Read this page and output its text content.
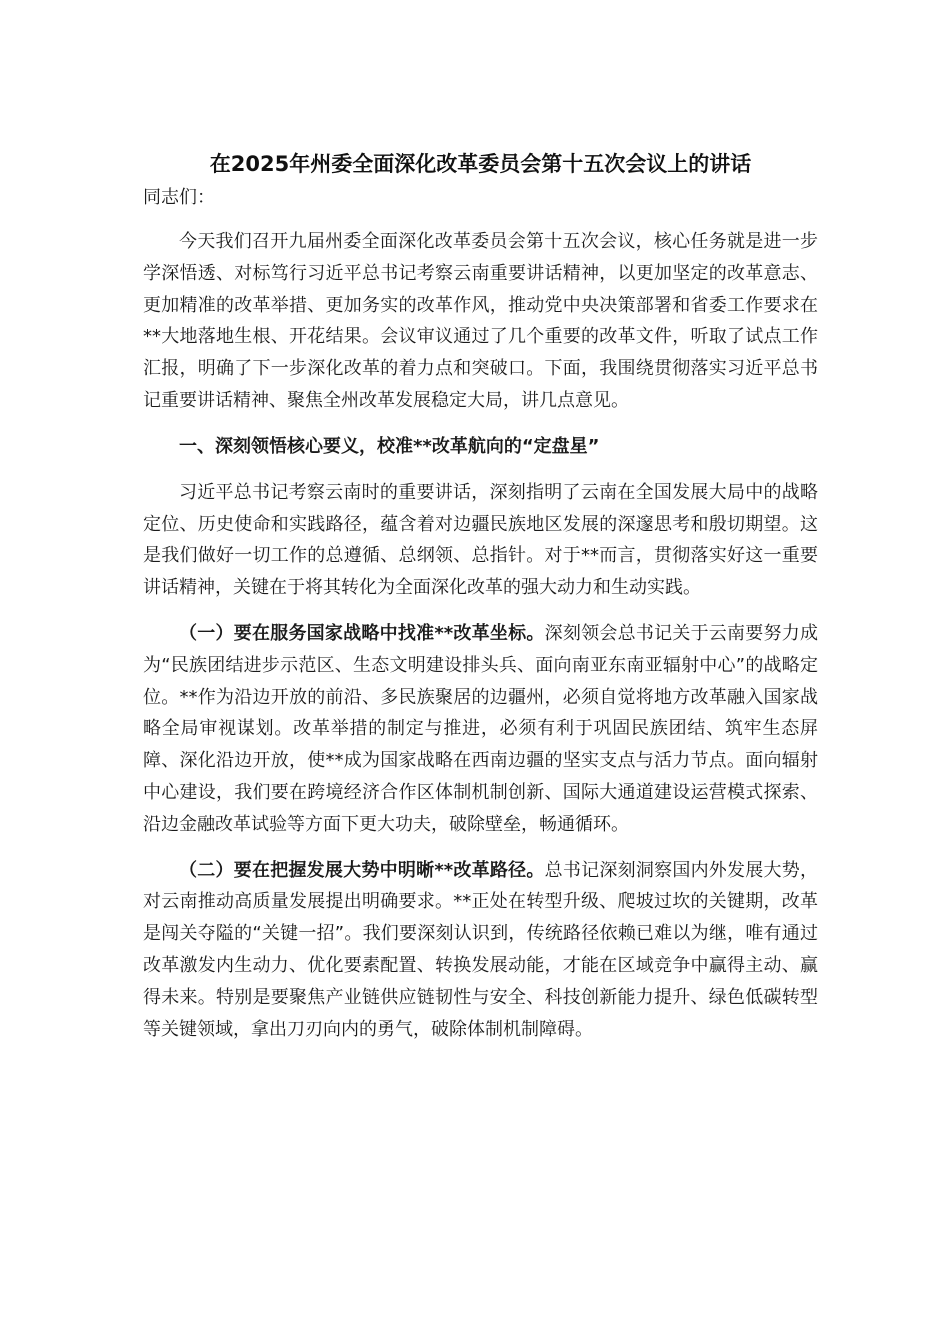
在2025年州委全面深化改革委员会第十五次会议上的讲话

同志们：

今天我们召开九届州委全面深化改革委员会第十五次会议，核心任务就是进一步学深悟透、对标笃行习近平总书记考察云南重要讲话精神，以更加坚定的改革意志、更加精准的改革举措、更加务实的改革作风，推动党中央决策部署和省委工作要求在**大地落地生根、开花结果。会议审议通过了几个重要的改革文件，听取了试点工作汇报，明确了下一步深化改革的着力点和突破口。下面，我围绕贯彻落实习近平总书记重要讲话精神、聚焦全州改革发展稳定大局，讲几点意见。

一、深刻领悟核心要义，校准**改革航向的“定盘星”

习近平总书记考察云南时的重要讲话，深刻指明了云南在全国发展大局中的战略定位、历史使命和实践路径，蕴含着对边疆民族地区发展的深邃思考和殷切期望。这是我们做好一切工作的总遵循、总纲领、总指针。对于**而言，贯彻落实好这一重要讲话精神，关键在于将其转化为全面深化改革的强大动力和生动实践。

（一）要在服务国家战略中找准**改革坐标。深刻领会总书记关于云南要努力成为“民族团结进步示范区、生态文明建设排头兵、面向南亚东南亚辐射中心”的战略定位。**作为沿边开放的前沿、多民族聚居的边疆州，必须自觉将地方改革融入国家战略全局审视谋划。改革举措的制定与推进，必须有利于巩固民族团结、筑牢生态屏障、深化沿边开放，使**成为国家战略在西南边疆的坚实支点与活力节点。面向辐射中心建设，我们要在跨境经济合作区体制机制创新、国际大通道建设运营模式探索、沿边金融改革试验等方面下更大功夫，破除壁垒，畅通循环。

（二）要在把握发展大势中明晰**改革路径。总书记深刻洞察国内外发展大势，对云南推动高质量发展提出明确要求。**正处在转型升级、爬坡过坎的关键期，改革是闯关夺隘的“关键一招”。我们要深刻认识到，传统路径依赖已难以为继，唯有通过改革激发内生动力、优化要素配置、转换发展动能，才能在区域竞争中赢得主动、赢得未来。特别是要聚焦产业链供应链韧性与安全、科技创新能力提升、绿色低碳转型等关键领域，拿出刀刃向内的勇气，破除体制机制障碍。
